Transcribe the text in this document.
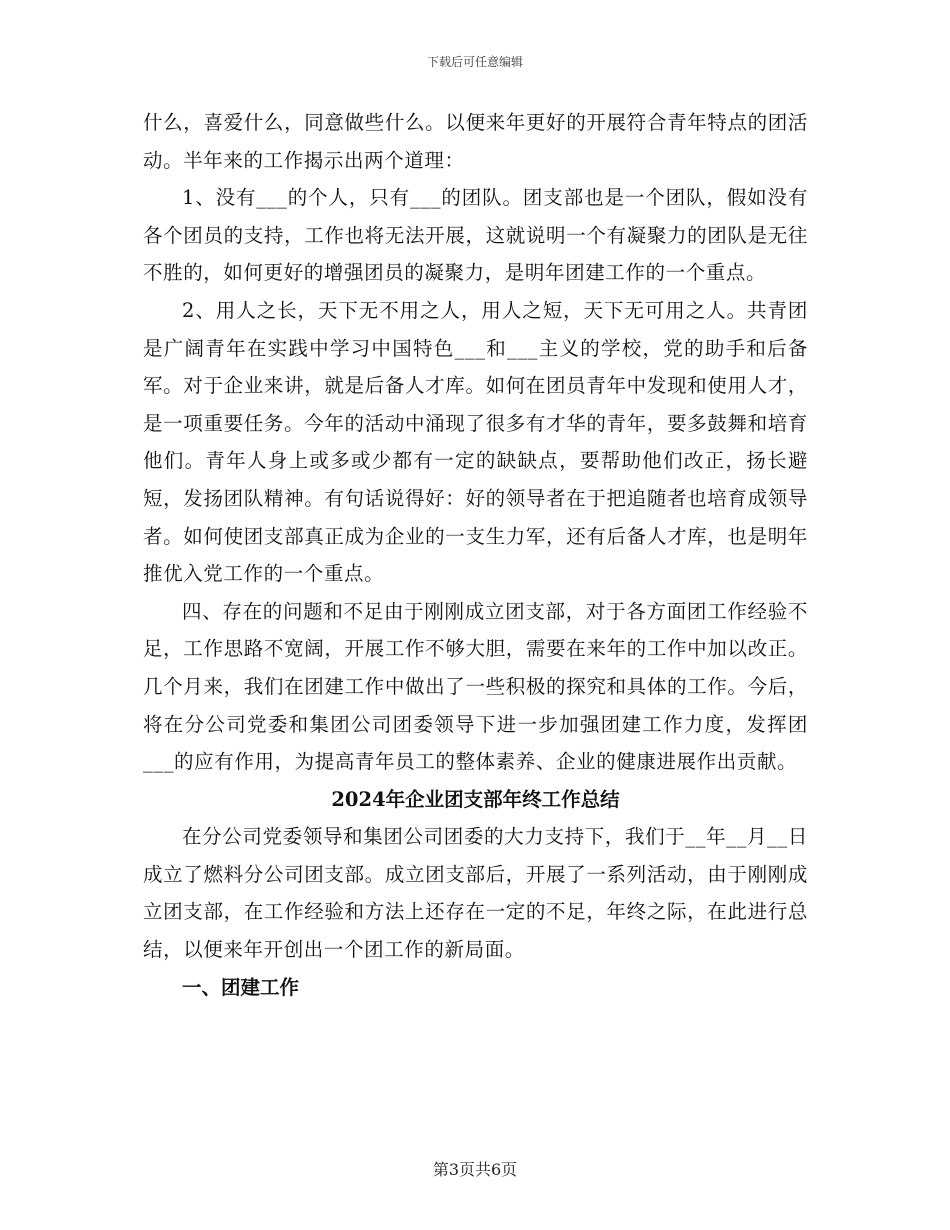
下载后可任意编辑

什么，喜爱什么，同意做些什么。以便来年更好的开展符合青年特点的团活动。半年来的工作揭示出两个道理：

1、没有___的个人，只有___的团队。团支部也是一个团队，假如没有各个团员的支持，工作也将无法开展，这就说明一个有凝聚力的团队是无往不胜的，如何更好的增强团员的凝聚力，是明年团建工作的一个重点。

2、用人之长，天下无不用之人，用人之短，天下无可用之人。共青团是广阔青年在实践中学习中国特色___和___主义的学校，党的助手和后备军。对于企业来讲，就是后备人才库。如何在团员青年中发现和使用人才，是一项重要任务。今年的活动中涌现了很多有才华的青年，要多鼓舞和培育他们。青年人身上或多或少都有一定的缺缺点，要帮助他们改正，扬长避短，发扬团队精神。有句话说得好：好的领导者在于把追随者也培育成领导者。如何使团支部真正成为企业的一支生力军，还有后备人才库，也是明年推优入党工作的一个重点。

四、存在的问题和不足由于刚刚成立团支部，对于各方面团工作经验不足，工作思路不宽阔，开展工作不够大胆，需要在来年的工作中加以改正。几个月来，我们在团建工作中做出了一些积极的探究和具体的工作。今后，将在分公司党委和集团公司团委领导下进一步加强团建工作力度，发挥团___的应有作用，为提高青年员工的整体素养、企业的健康进展作出贡献。

2024年企业团支部年终工作总结

在分公司党委领导和集团公司团委的大力支持下，我们于__年__月__日成立了燃料分公司团支部。成立团支部后，开展了一系列活动，由于刚刚成立团支部，在工作经验和方法上还存在一定的不足，年终之际，在此进行总结，以便来年开创出一个团工作的新局面。

一、团建工作

第3页共6页
